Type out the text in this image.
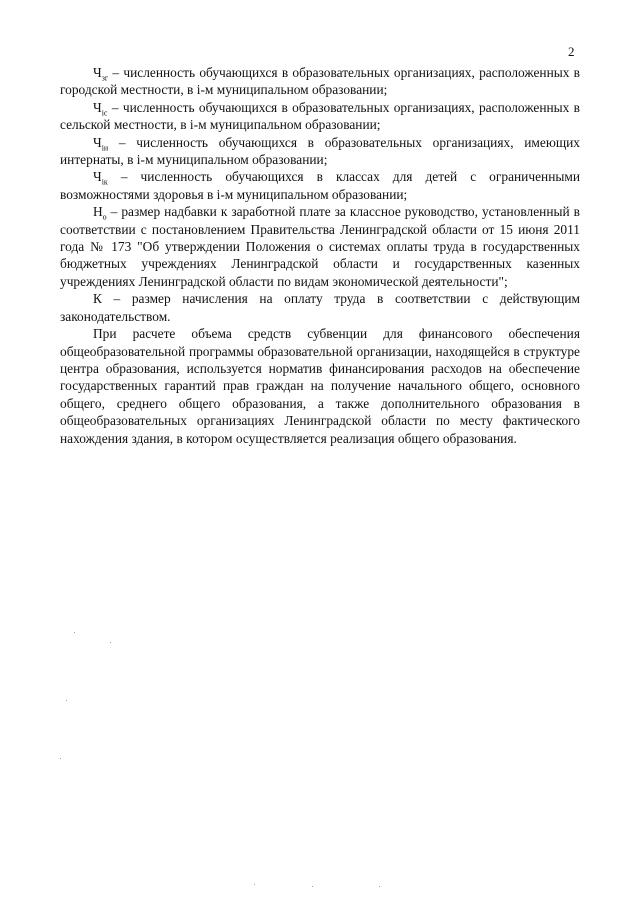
2

$Ч_{зг}$ – численность обучающихся в образовательных организациях, расположенных в городской местности, в i-м муниципальном образовании;

$Ч_{ic}$ – численность обучающихся в образовательных организациях, расположенных в сельской местности, в i-м муниципальном образовании;

$Ч_{iи}$ – численность обучающихся в образовательных организациях, имеющих интернаты, в i-м муниципальном образовании;

$Ч_{iк}$ – численность обучающихся в классах для детей с ограниченными возможностями здоровья в i-м муниципальном образовании;

$Н_о$ – размер надбавки к заработной плате за классное руководство, установленный в соответствии с постановлением Правительства Ленинградской области от 15 июня 2011 года № 173 "Об утверждении Положения о системах оплаты труда в государственных бюджетных учреждениях Ленинградской области и государственных казенных учреждениях Ленинградской области по видам экономической деятельности";

К – размер начисления на оплату труда в соответствии с действующим законодательством.

При расчете объема средств субвенции для финансового обеспечения общеобразовательной программы образовательной организации, находящейся в структуре центра образования, используется норматив финансирования расходов на обеспечение государственных гарантий прав граждан на получение начального общего, основного общего, среднего общего образования, а также дополнительного образования в общеобразовательных организациях Ленинградской области по месту фактического нахождения здания, в котором осуществляется реализация общего образования.
